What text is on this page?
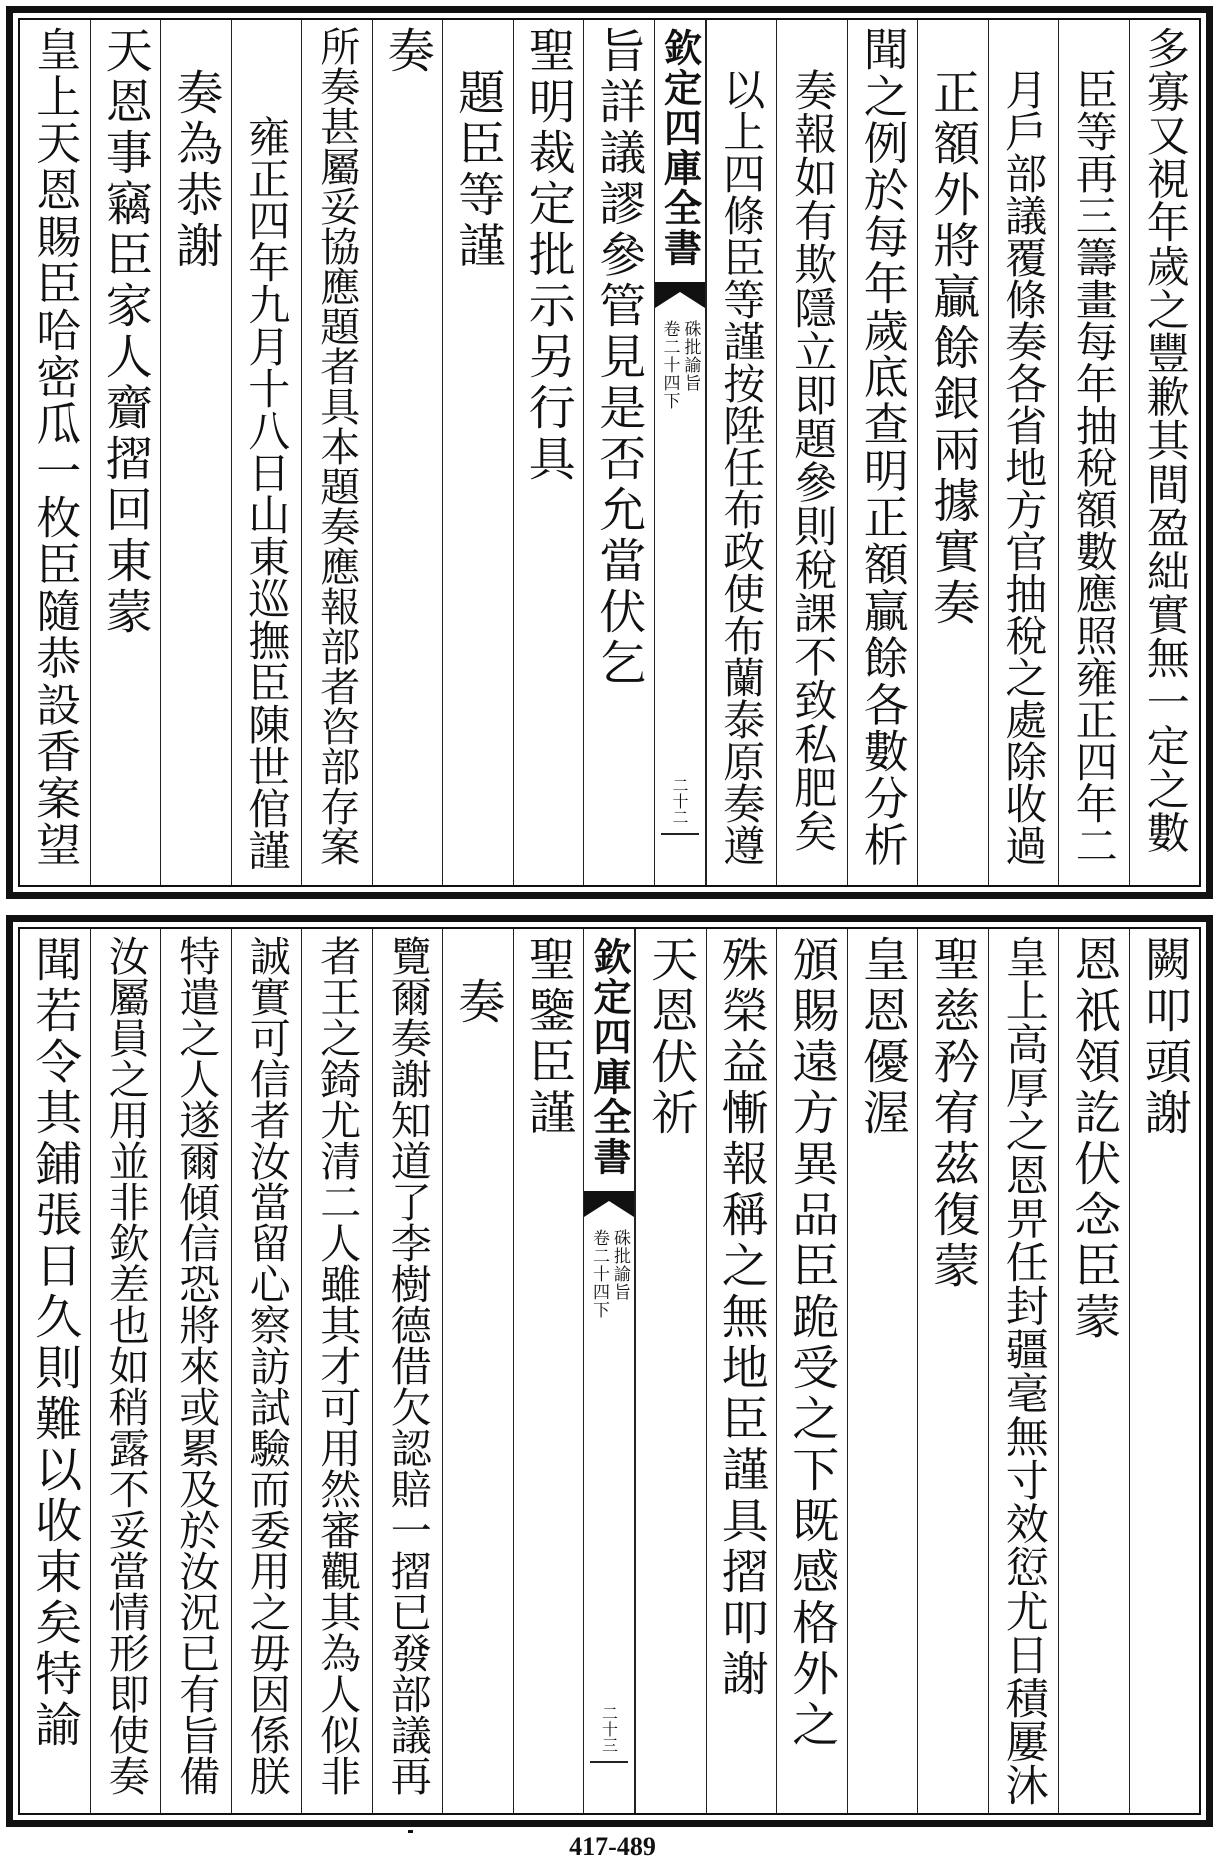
多寡又視年歲之豐歉其間盈絀實無一定之數
臣等再三籌畫每年抽稅額數應照雍正四年二
月戶部議覆條奏各省地方官抽稅之處除收過
正額外將贏餘銀兩據實奏
聞之例於每年歲底查明正額贏餘各數分析
奏報如有欺隱立即題參則稅課不致私肥矣
以上四條臣等謹按陞任布政使布蘭泰原奏遵
欽定四庫全書
硃批諭旨
卷二十四下
二十二
旨詳議謬參管見是否允當伏乞
聖明裁定批示另行具
題臣等謹
奏
所奏甚屬妥協應題者具本題奏應報部者咨部存案
雍正四年九月十八日山東巡撫臣陳世倌謹
奏為恭謝
天恩事竊臣家人齎摺回東蒙
皇上天恩賜臣哈密瓜一枚臣隨恭設香案望
闕叩頭謝
恩祇領訖伏念臣蒙
皇上高厚之恩畀任封疆毫無寸效愆尤日積屢沐
聖慈矜宥茲復蒙
皇恩優渥
頒賜遠方異品臣跪受之下既感格外之
殊榮益慚報稱之無地臣謹具摺叩謝
天恩伏祈
欽定四庫全書
硃批諭旨
卷二十四下
二十三
聖鑒臣謹
奏
覽爾奏謝知道了李樹德借欠認賠一摺已發部議再
者王之錡尤清二人雖其才可用然審觀其為人似非
誠實可信者汝當留心察訪試驗而委用之毋因係朕
特遣之人遂爾傾信恐將來或累及於汝況已有旨備
汝屬員之用並非欽差也如稍露不妥當情形即使奏
聞若令其鋪張日久則難以收束矣特諭
417-489
